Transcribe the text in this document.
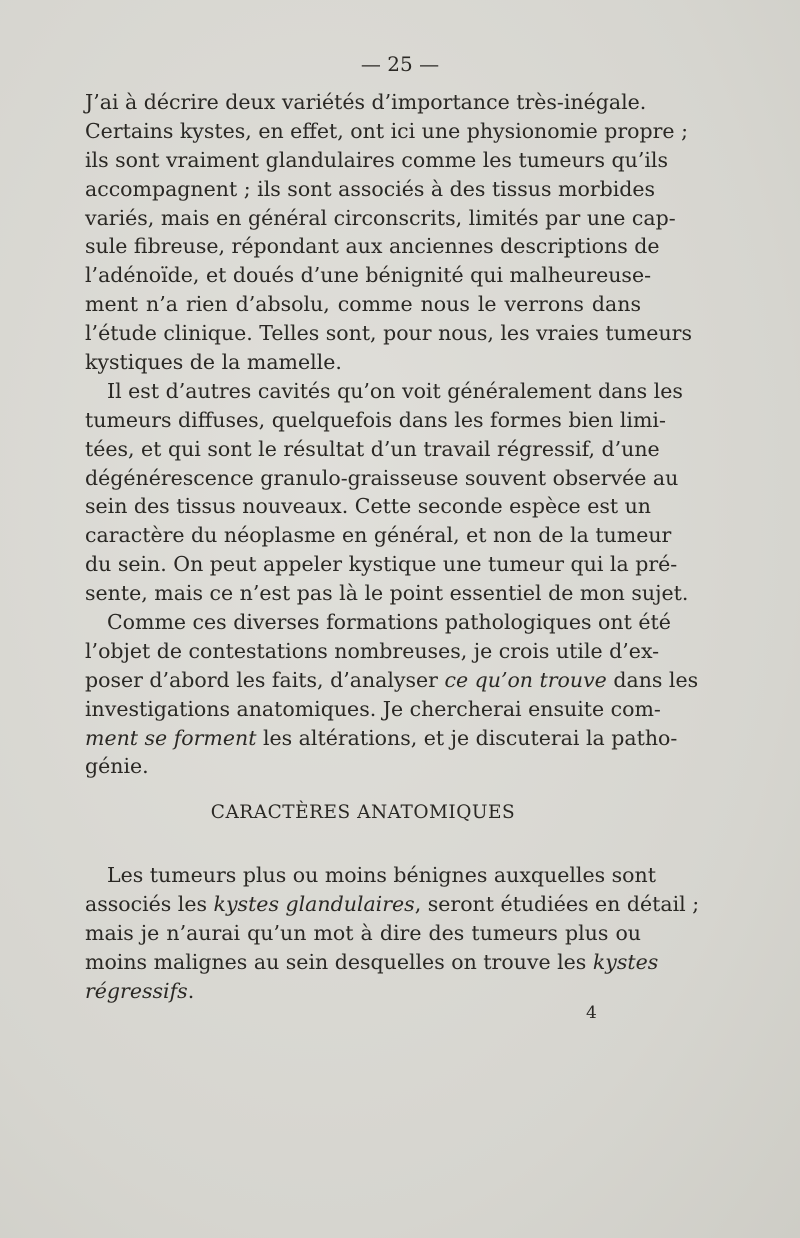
— 25 —
J’ai à décrire deux variétés d’importance très-inégale.
Certains kystes, en effet, ont ici une physionomie propre ;
ils sont vraiment glandulaires comme les tumeurs qu’ils
accompagnent ; ils sont associés à des tissus morbides
variés, mais en général circonscrits, limités par une cap-
sule fibreuse, répondant aux anciennes descriptions de
l’adénoïde, et doués d’une bénignité qui malheureuse-
ment n’a rien d’absolu, comme nous le verrons dans
l’étude clinique. Telles sont, pour nous, les vraies tumeurs
kystiques de la mamelle.
Il est d’autres cavités qu’on voit généralement dans les
tumeurs diffuses, quelquefois dans les formes bien limi-
tées, et qui sont le résultat d’un travail régressif, d’une
dégénérescence granulo-graisseuse souvent observée au
sein des tissus nouveaux. Cette seconde espèce est un
caractère du néoplasme en général, et non de la tumeur
du sein. On peut appeler kystique une tumeur qui la pré-
sente, mais ce n’est pas là le point essentiel de mon sujet.
Comme ces diverses formations pathologiques ont été
l’objet de contestations nombreuses, je crois utile d’ex-
poser d’abord les faits, d’analyser ce qu’on trouve dans les
investigations anatomiques. Je chercherai ensuite com-
ment se forment les altérations, et je discuterai la patho-
génie.
CARACTÈRES ANATOMIQUES
Les tumeurs plus ou moins bénignes auxquelles sont
associés les kystes glandulaires, seront étudiées en détail ;
mais je n’aurai qu’un mot à dire des tumeurs plus ou
moins malignes au sein desquelles on trouve les kystes
régressifs.
4
